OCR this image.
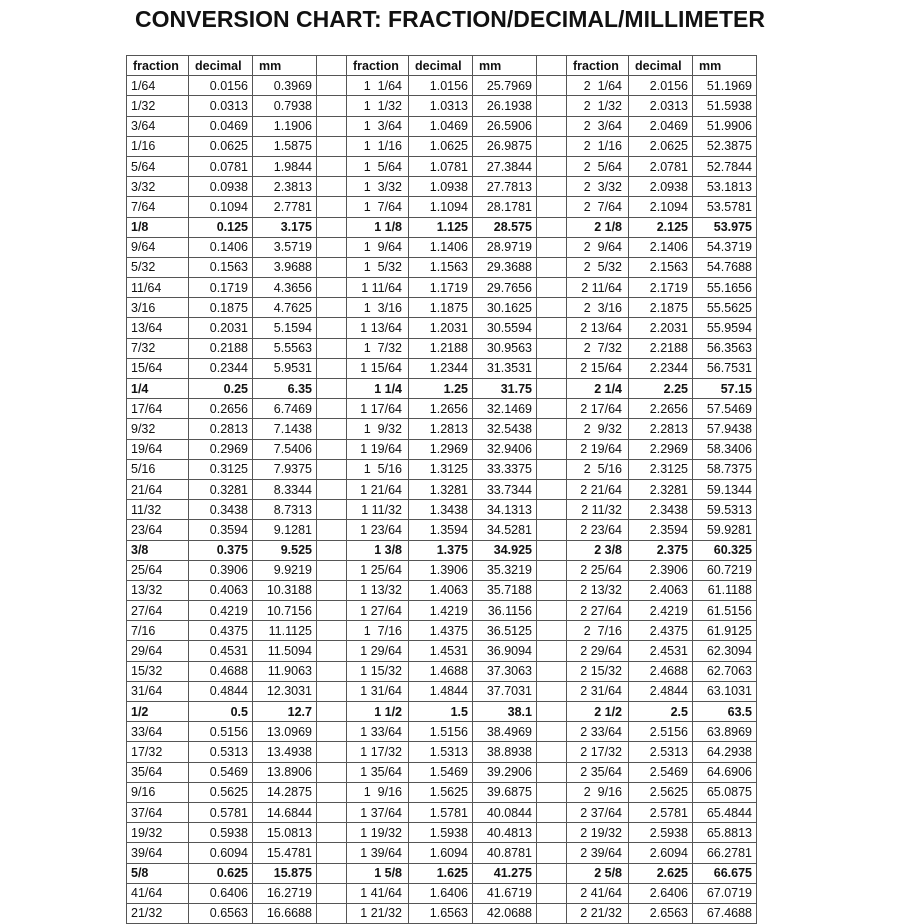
CONVERSION CHART: FRACTION/DECIMAL/MILLIMETER
fraction	decimal	mm		fraction	decimal	mm		fraction	decimal	mm
1/64	0.0156	0.3969		1  1/64	1.0156	25.7969		2  1/64	2.0156	51.1969
1/32	0.0313	0.7938		1  1/32	1.0313	26.1938		2  1/32	2.0313	51.5938
3/64	0.0469	1.1906		1  3/64	1.0469	26.5906		2  3/64	2.0469	51.9906
1/16	0.0625	1.5875		1  1/16	1.0625	26.9875		2  1/16	2.0625	52.3875
5/64	0.0781	1.9844		1  5/64	1.0781	27.3844		2  5/64	2.0781	52.7844
3/32	0.0938	2.3813		1  3/32	1.0938	27.7813		2  3/32	2.0938	53.1813
7/64	0.1094	2.7781		1  7/64	1.1094	28.1781		2  7/64	2.1094	53.5781
1/8	0.125	3.175		1 1/8	1.125	28.575		2 1/8	2.125	53.975
9/64	0.1406	3.5719		1  9/64	1.1406	28.9719		2  9/64	2.1406	54.3719
5/32	0.1563	3.9688		1  5/32	1.1563	29.3688		2  5/32	2.1563	54.7688
11/64	0.1719	4.3656		1 11/64	1.1719	29.7656		2 11/64	2.1719	55.1656
3/16	0.1875	4.7625		1  3/16	1.1875	30.1625		2  3/16	2.1875	55.5625
13/64	0.2031	5.1594		1 13/64	1.2031	30.5594		2 13/64	2.2031	55.9594
7/32	0.2188	5.5563		1  7/32	1.2188	30.9563		2  7/32	2.2188	56.3563
15/64	0.2344	5.9531		1 15/64	1.2344	31.3531		2 15/64	2.2344	56.7531
1/4	0.25	6.35		1 1/4	1.25	31.75		2 1/4	2.25	57.15
17/64	0.2656	6.7469		1 17/64	1.2656	32.1469		2 17/64	2.2656	57.5469
9/32	0.2813	7.1438		1  9/32	1.2813	32.5438		2  9/32	2.2813	57.9438
19/64	0.2969	7.5406		1 19/64	1.2969	32.9406		2 19/64	2.2969	58.3406
5/16	0.3125	7.9375		1  5/16	1.3125	33.3375		2  5/16	2.3125	58.7375
21/64	0.3281	8.3344		1 21/64	1.3281	33.7344		2 21/64	2.3281	59.1344
11/32	0.3438	8.7313		1 11/32	1.3438	34.1313		2 11/32	2.3438	59.5313
23/64	0.3594	9.1281		1 23/64	1.3594	34.5281		2 23/64	2.3594	59.9281
3/8	0.375	9.525		1 3/8	1.375	34.925		2 3/8	2.375	60.325
25/64	0.3906	9.9219		1 25/64	1.3906	35.3219		2 25/64	2.3906	60.7219
13/32	0.4063	10.3188		1 13/32	1.4063	35.7188		2 13/32	2.4063	61.1188
27/64	0.4219	10.7156		1 27/64	1.4219	36.1156		2 27/64	2.4219	61.5156
7/16	0.4375	11.1125		1  7/16	1.4375	36.5125		2  7/16	2.4375	61.9125
29/64	0.4531	11.5094		1 29/64	1.4531	36.9094		2 29/64	2.4531	62.3094
15/32	0.4688	11.9063		1 15/32	1.4688	37.3063		2 15/32	2.4688	62.7063
31/64	0.4844	12.3031		1 31/64	1.4844	37.7031		2 31/64	2.4844	63.1031
1/2	0.5	12.7		1 1/2	1.5	38.1		2 1/2	2.5	63.5
33/64	0.5156	13.0969		1 33/64	1.5156	38.4969		2 33/64	2.5156	63.8969
17/32	0.5313	13.4938		1 17/32	1.5313	38.8938		2 17/32	2.5313	64.2938
35/64	0.5469	13.8906		1 35/64	1.5469	39.2906		2 35/64	2.5469	64.6906
9/16	0.5625	14.2875		1  9/16	1.5625	39.6875		2  9/16	2.5625	65.0875
37/64	0.5781	14.6844		1 37/64	1.5781	40.0844		2 37/64	2.5781	65.4844
19/32	0.5938	15.0813		1 19/32	1.5938	40.4813		2 19/32	2.5938	65.8813
39/64	0.6094	15.4781		1 39/64	1.6094	40.8781		2 39/64	2.6094	66.2781
5/8	0.625	15.875		1 5/8	1.625	41.275		2 5/8	2.625	66.675
41/64	0.6406	16.2719		1 41/64	1.6406	41.6719		2 41/64	2.6406	67.0719
21/32	0.6563	16.6688		1 21/32	1.6563	42.0688		2 21/32	2.6563	67.4688
